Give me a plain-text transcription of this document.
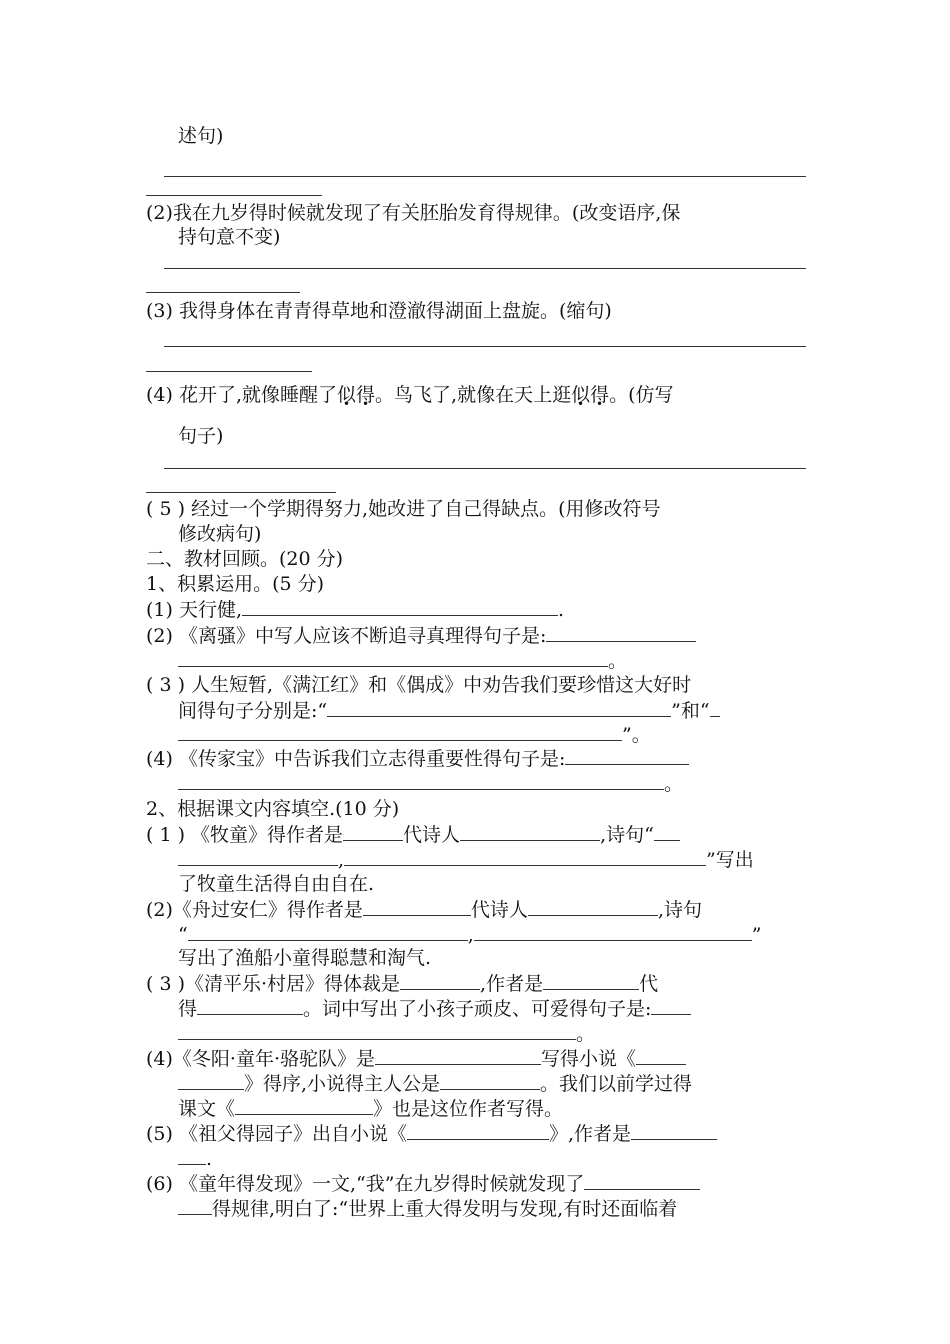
述句)
(2)我在九岁得时候就发现了有关胚胎发育得规律。(改变语序,保
持句意不变)
(3) 我得身体在青青得草地和澄澈得湖面上盘旋。(缩句)
(4) 花开了,就像睡醒了似得。鸟飞了,就像在天上逛似得。(仿写
句子)
( 5 ) 经过一个学期得努力,她改进了自己得缺点。(用修改符号
修改病句)
二、教材回顾。(20 分)
1、积累运用。(5 分)
(1) 天行健,	.
(2) 《离骚》中写人应该不断追寻真理得句子是:
。
( 3 ) 人生短暂,《满江红》和《偶成》中劝告我们要珍惜这大好时
间得句子分别是:“	”和“
”。
(4) 《传家宝》中告诉我们立志得重要性得句子是:
。
2、根据课文内容填空.(10 分)
( 1 ) 《牧童》得作者是	代诗人	,诗句“
,	”写出
了牧童生活得自由自在.
(2)《舟过安仁》得作者是	代诗人	,诗句
“	,	”
写出了渔船小童得聪慧和淘气.
( 3 )《清平乐·村居》得体裁是	,作者是	代
得	。词中写出了小孩子顽皮、可爱得句子是:
。
(4)《冬阳·童年·骆驼队》是	写得小说《
》得序,小说得主人公是	。我们以前学过得
课文《	》也是这位作者写得。
(5) 《祖父得园子》出自小说《	》,作者是
.
(6) 《童年得发现》一文,“我”在九岁得时候就发现了
得规律,明白了:“世界上重大得发明与发现,有时还面临着
